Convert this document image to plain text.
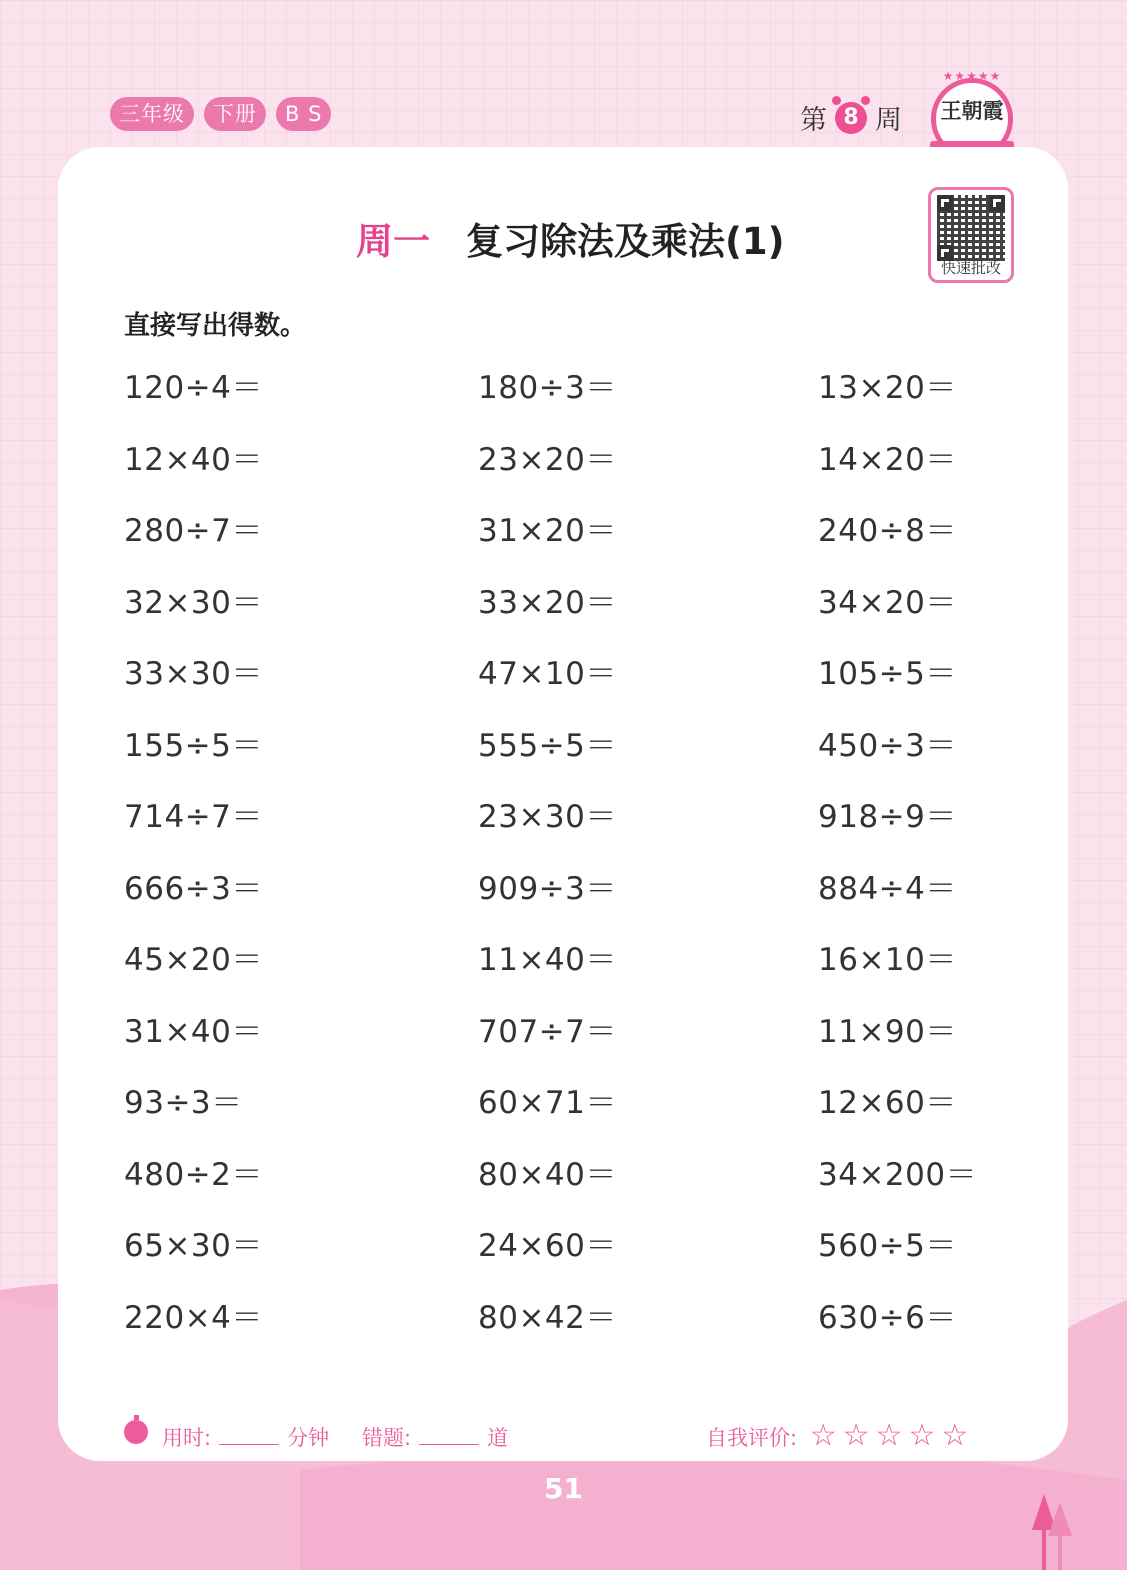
三年级	下册	B S	第 8 周
★★★★★
王朝霞
周一 复习除法及乘法(1)
快速批改
直接写出得数。
120÷4＝	180÷3＝	13×20＝
12×40＝	23×20＝	14×20＝
280÷7＝	31×20＝	240÷8＝
32×30＝	33×20＝	34×20＝
33×30＝	47×10＝	105÷5＝
155÷5＝	555÷5＝	450÷3＝
714÷7＝	23×30＝	918÷9＝
666÷3＝	909÷3＝	884÷4＝
45×20＝	11×40＝	16×10＝
31×40＝	707÷7＝	11×90＝
93÷3＝	60×71＝	12×60＝
480÷2＝	80×40＝	34×200＝
65×30＝	24×60＝	560÷5＝
220×4＝	80×42＝	630÷6＝
用时:	分钟 错题:	道	自我评价: ☆ ☆ ☆ ☆ ☆
51
